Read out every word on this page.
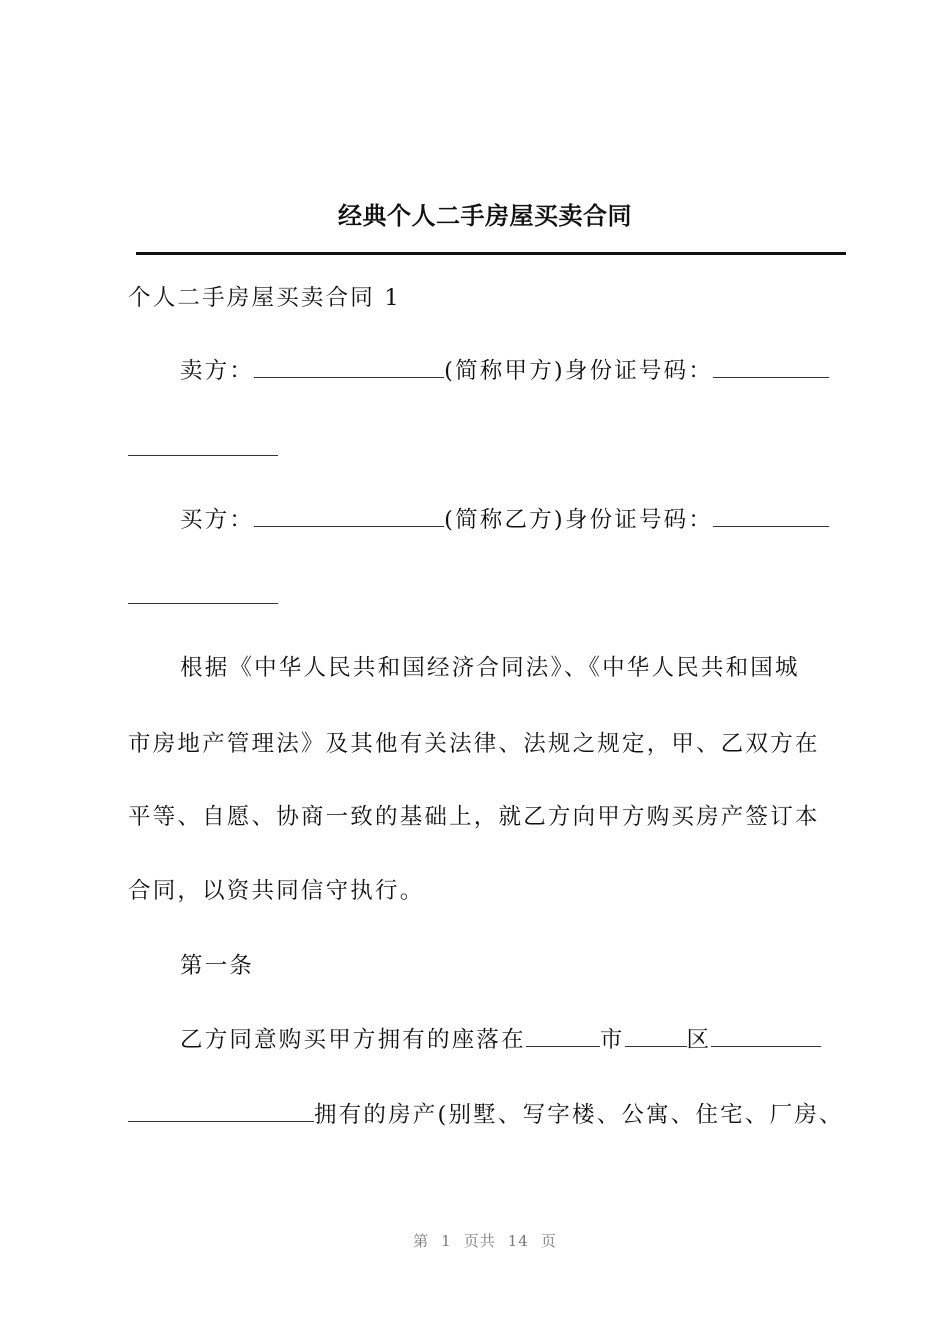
经典个人二手房屋买卖合同
个人二手房屋买卖合同 1
卖方：	(简称甲方)身份证号码：
买方：	(简称乙方)身份证号码：
根据《中华人民共和国经济合同法》、《中华人民共和国城
市房地产管理法》及其他有关法律、法规之规定，甲、乙双方在
平等、自愿、协商一致的基础上，就乙方向甲方购买房产签订本
合同，以资共同信守执行。
第一条
乙方同意购买甲方拥有的座落在	市	区
拥有的房产(别墅、写字楼、公寓、住宅、厂房、
第 1 页共 14 页
